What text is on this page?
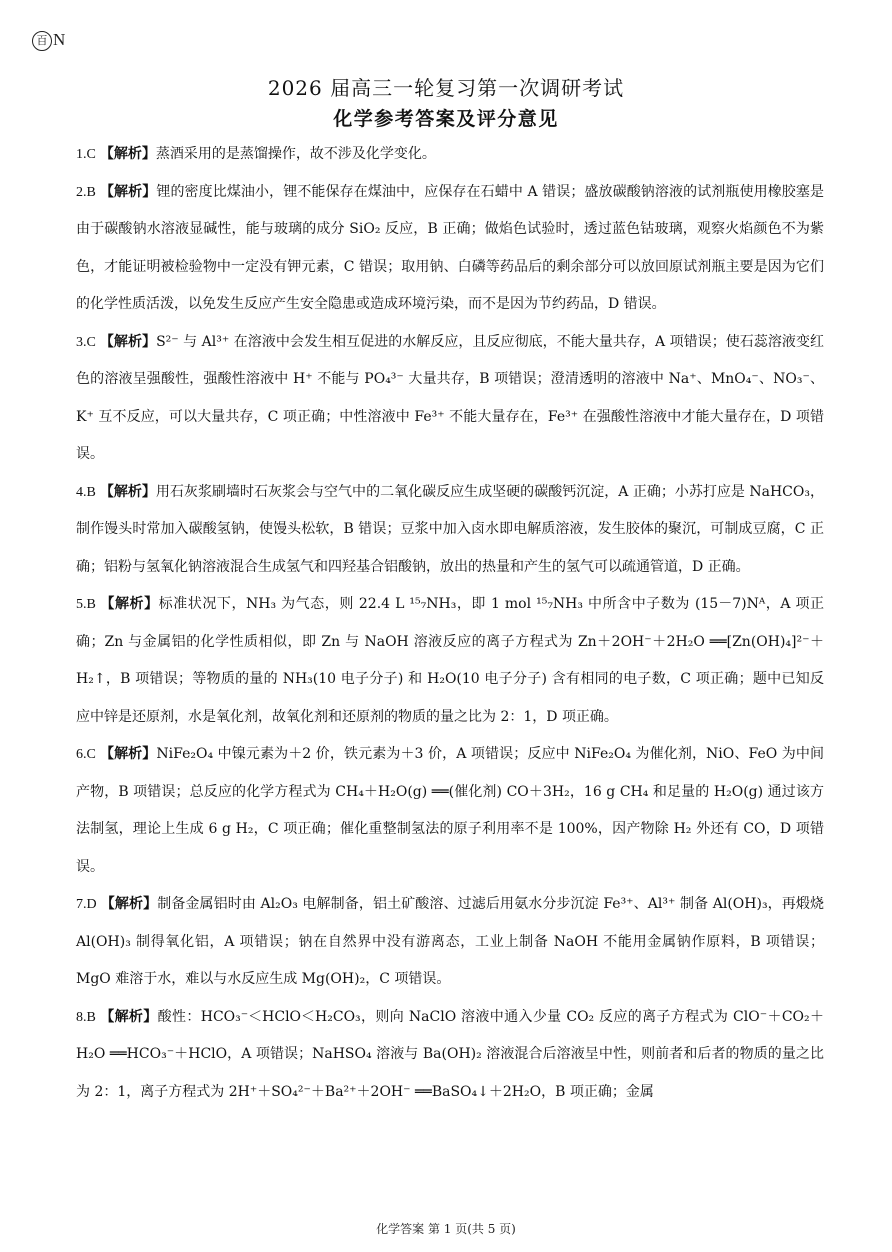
百 N
2026 届高三一轮复习第一次调研考试
化学参考答案及评分意见

1.C 【解析】蒸酒采用的是蒸馏操作，故不涉及化学变化。

2.B 【解析】锂的密度比煤油小，锂不能保存在煤油中，应保存在石蜡中 A 错误；盛放碳酸钠溶液的试剂瓶使用橡胶塞是由于碳酸钠水溶液显碱性，能与玻璃的成分 SiO₂ 反应，B 正确；做焰色试验时，透过蓝色钴玻璃，观察火焰颜色不为紫色，才能证明被检验物中一定没有钾元素，C 错误；取用钠、白磷等药品后的剩余部分可以放回原试剂瓶主要是因为它们的化学性质活泼，以免发生反应产生安全隐患或造成环境污染，而不是因为节约药品，D 错误。

3.C 【解析】S²⁻ 与 Al³⁺ 在溶液中会发生相互促进的水解反应，且反应彻底，不能大量共存，A 项错误；使石蕊溶液变红色的溶液呈强酸性，强酸性溶液中 H⁺ 不能与 PO₄³⁻ 大量共存，B 项错误；澄清透明的溶液中 Na⁺、MnO₄⁻、NO₃⁻、K⁺ 互不反应，可以大量共存，C 项正确；中性溶液中 Fe³⁺ 不能大量存在，Fe³⁺ 在强酸性溶液中才能大量存在，D 项错误。

4.B 【解析】用石灰浆刷墙时石灰浆会与空气中的二氧化碳反应生成坚硬的碳酸钙沉淀，A 正确；小苏打应是 NaHCO₃，制作馒头时常加入碳酸氢钠，使馒头松软，B 错误；豆浆中加入卤水即电解质溶液，发生胶体的聚沉，可制成豆腐，C 正确；铝粉与氢氧化钠溶液混合生成氢气和四羟基合铝酸钠，放出的热量和产生的氢气可以疏通管道，D 正确。

5.B 【解析】标准状况下，NH₃ 为气态，则 22.4 L ¹⁵₇NH₃，即 1 mol ¹⁵₇NH₃ 中所含中子数为 (15－7)Nᴬ，A 项正确；Zn 与金属铝的化学性质相似，即 Zn 与 NaOH 溶液反应的离子方程式为 Zn＋2OH⁻＋2H₂O ══[Zn(OH)₄]²⁻＋H₂↑，B 项错误；等物质的量的 NH₃(10 电子分子) 和 H₂O(10 电子分子) 含有相同的电子数，C 项正确；题中已知反应中锌是还原剂，水是氧化剂，故氧化剂和还原剂的物质的量之比为 2：1，D 项正确。

6.C 【解析】NiFe₂O₄ 中镍元素为＋2 价，铁元素为＋3 价，A 项错误；反应中 NiFe₂O₄ 为催化剂，NiO、FeO 为中间产物，B 项错误；总反应的化学方程式为 CH₄＋H₂O(g) ══(催化剂) CO＋3H₂，16 g CH₄ 和足量的 H₂O(g) 通过该方法制氢，理论上生成 6 g H₂，C 项正确；催化重整制氢法的原子利用率不是 100%，因产物除 H₂ 外还有 CO，D 项错误。

7.D 【解析】制备金属铝时由 Al₂O₃ 电解制备，铝土矿酸溶、过滤后用氨水分步沉淀 Fe³⁺、Al³⁺ 制备 Al(OH)₃，再煅烧 Al(OH)₃ 制得氧化铝，A 项错误；钠在自然界中没有游离态，工业上制备 NaOH 不能用金属钠作原料，B 项错误；MgO 难溶于水，难以与水反应生成 Mg(OH)₂，C 项错误。

8.B 【解析】酸性：HCO₃⁻＜HClO＜H₂CO₃，则向 NaClO 溶液中通入少量 CO₂ 反应的离子方程式为 ClO⁻＋CO₂＋H₂O ══HCO₃⁻＋HClO，A 项错误；NaHSO₄ 溶液与 Ba(OH)₂ 溶液混合后溶液呈中性，则前者和后者的物质的量之比为 2：1，离子方程式为 2H⁺＋SO₄²⁻＋Ba²⁺＋2OH⁻ ══BaSO₄↓＋2H₂O，B 项正确；金属

化学答案 第 1 页(共 5 页)
